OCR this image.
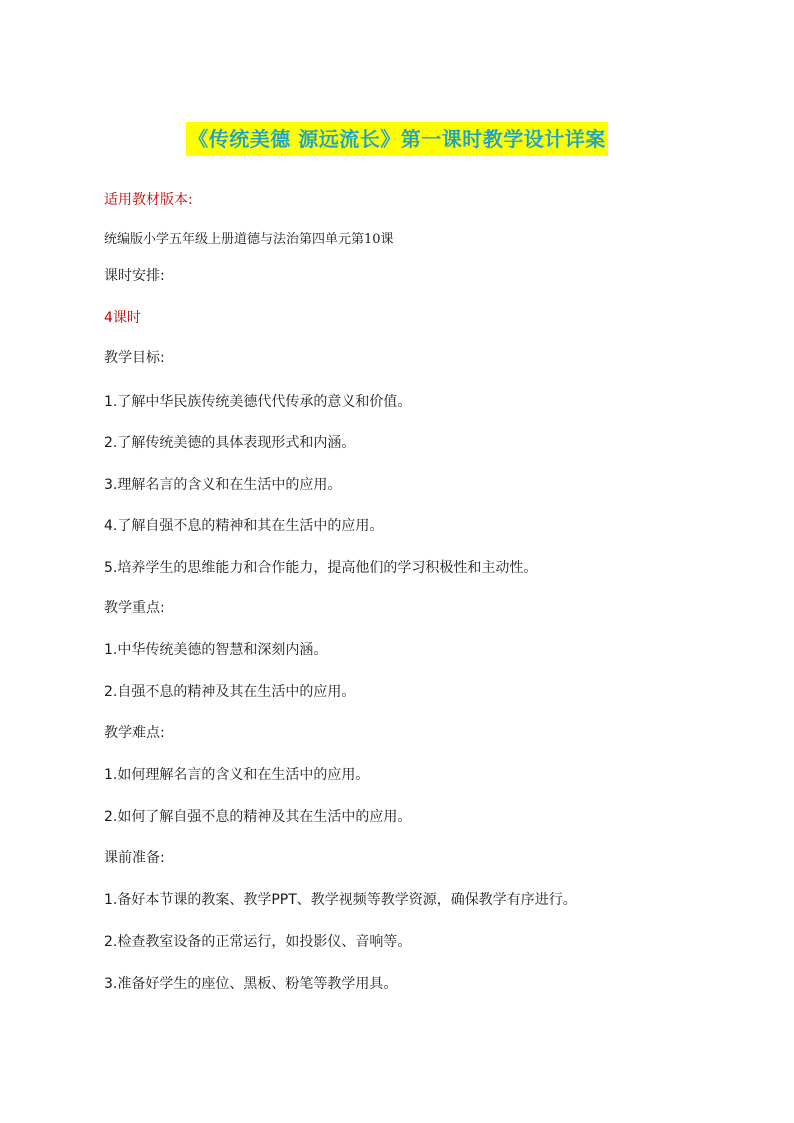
《传统美德 源远流长》第一课时教学设计详案
适用教材版本:
统编版小学五年级上册道德与法治第四单元第10课
课时安排:
4课时
教学目标:
1.了解中华民族传统美德代代传承的意义和价值。
2.了解传统美德的具体表现形式和内涵。
3.理解名言的含义和在生活中的应用。
4.了解自强不息的精神和其在生活中的应用。
5.培养学生的思维能力和合作能力，提高他们的学习积极性和主动性。
教学重点:
1.中华传统美德的智慧和深刻内涵。
2.自强不息的精神及其在生活中的应用。
教学难点:
1.如何理解名言的含义和在生活中的应用。
2.如何了解自强不息的精神及其在生活中的应用。
课前准备:
1.备好本节课的教案、教学PPT、教学视频等教学资源，确保教学有序进行。
2.检查教室设备的正常运行，如投影仪、音响等。
3.准备好学生的座位、黑板、粉笔等教学用具。
